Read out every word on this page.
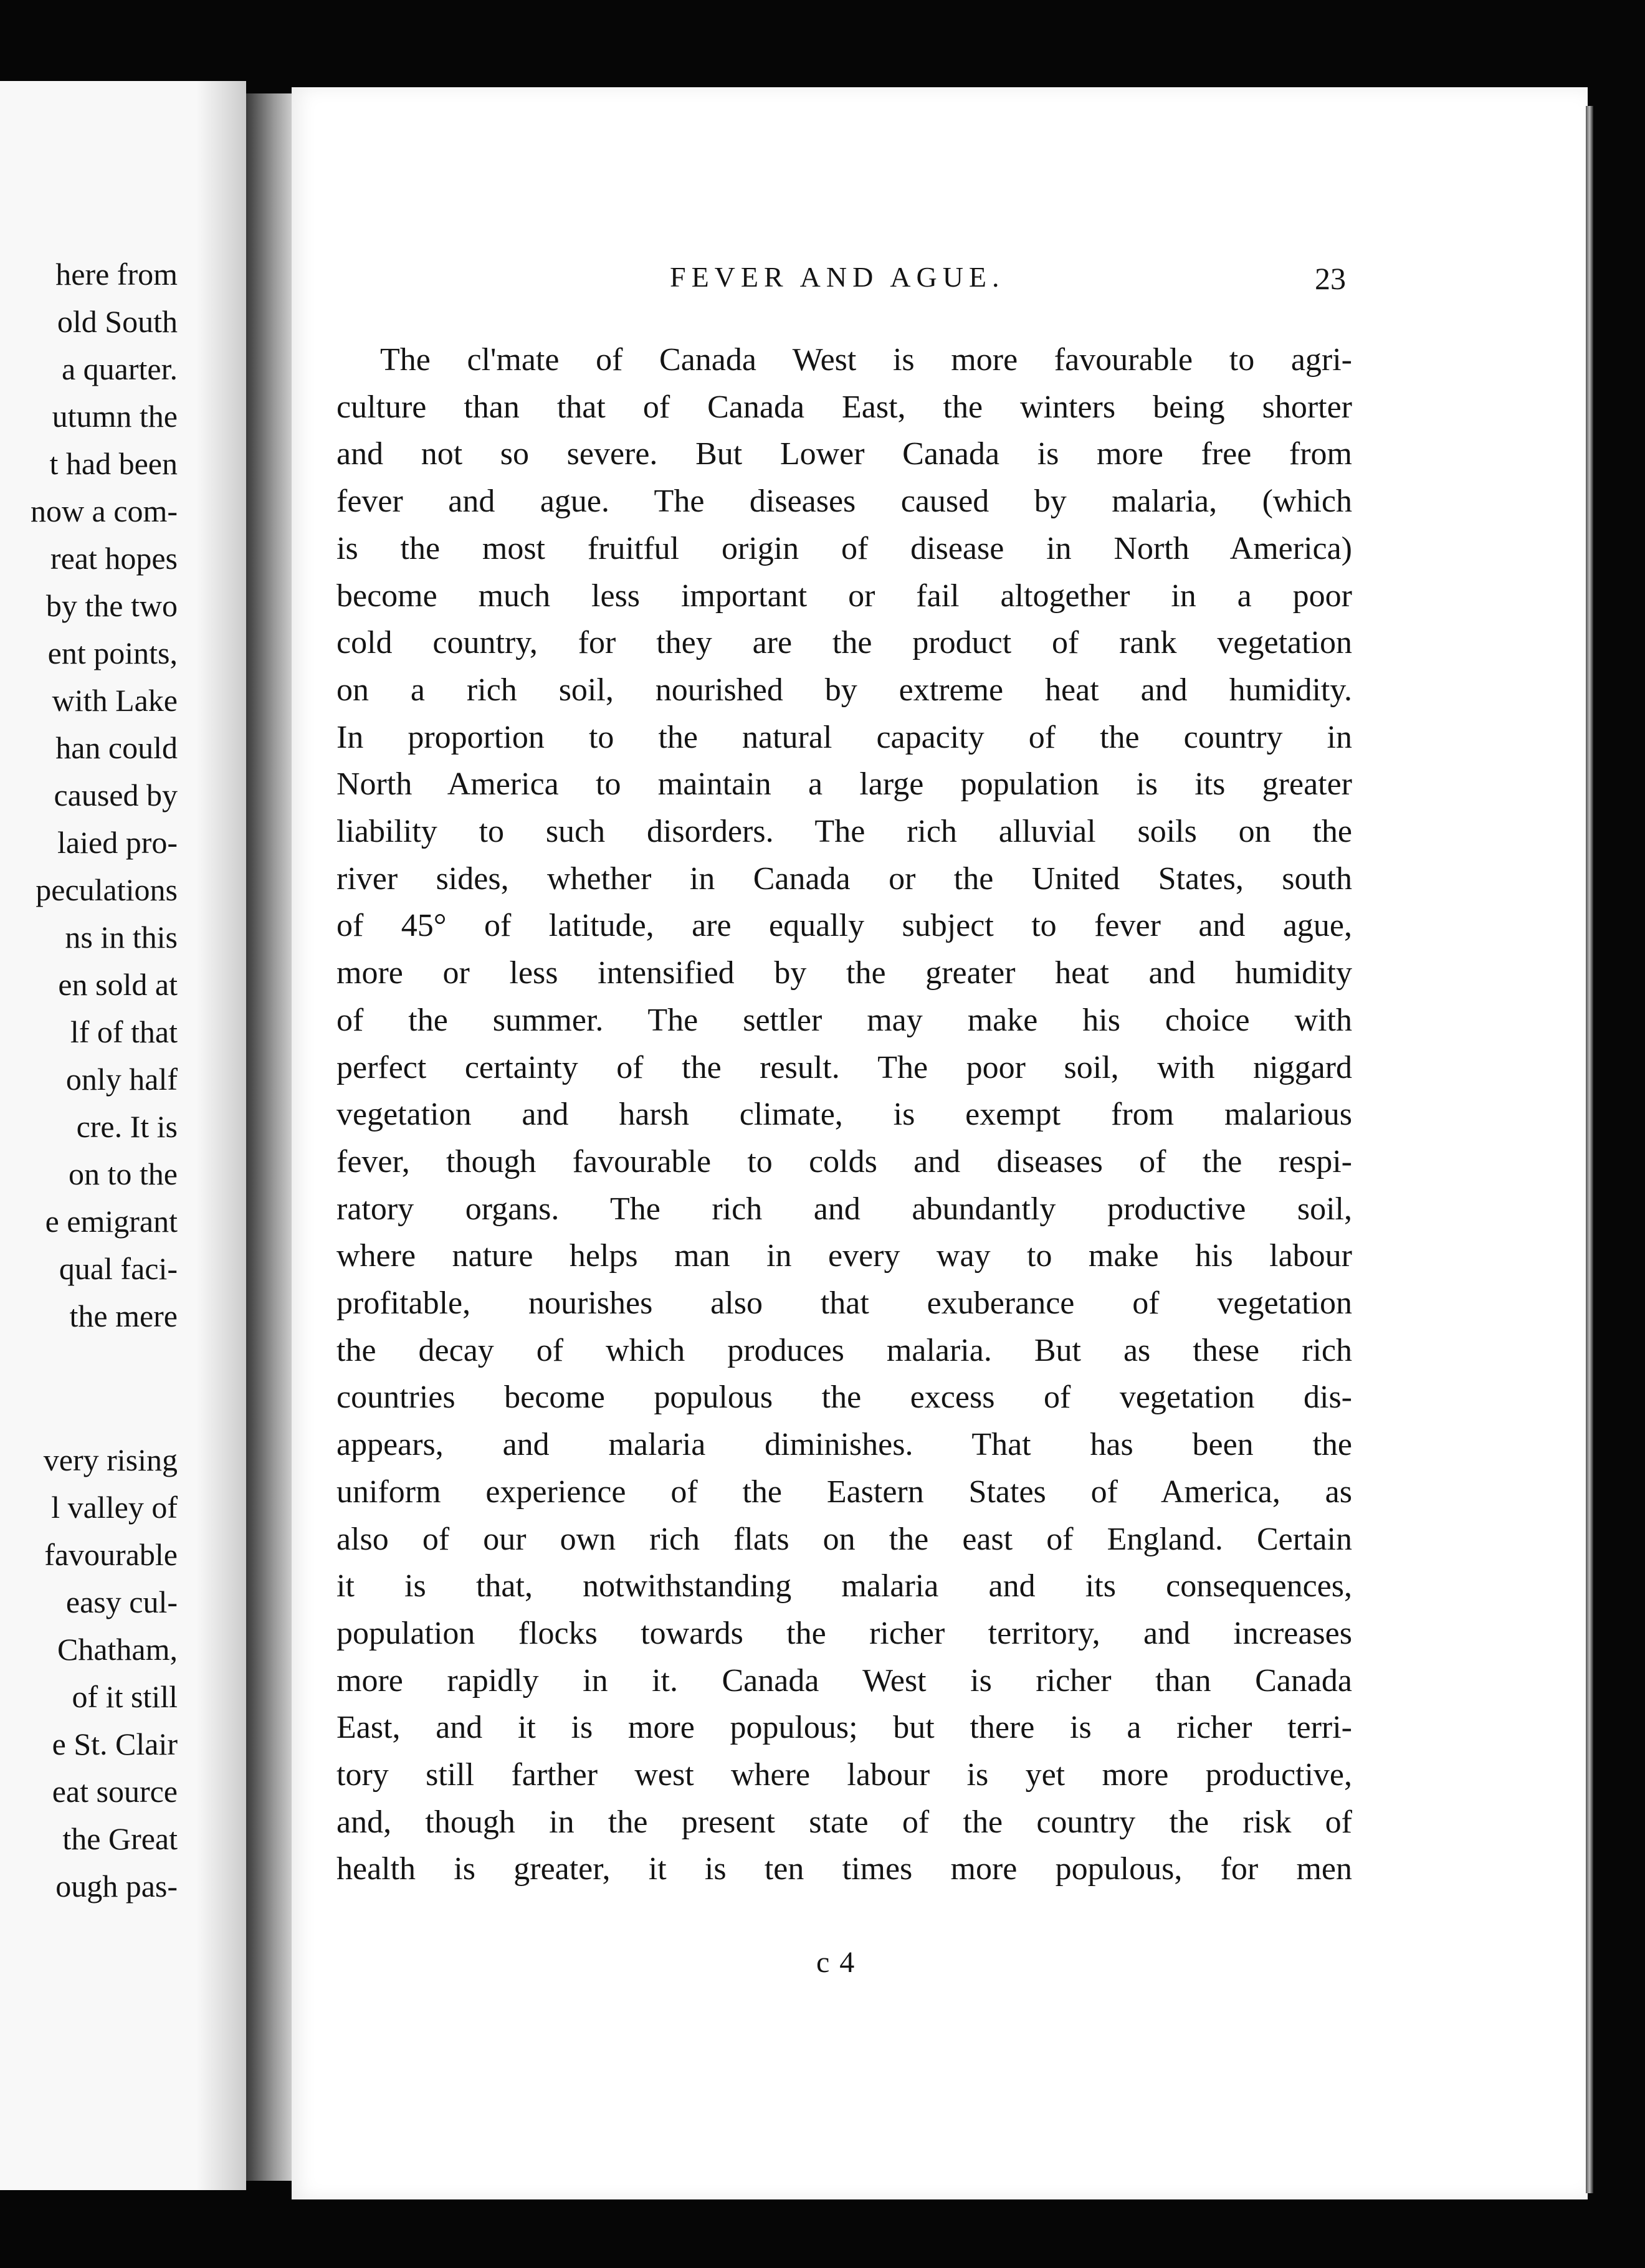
here from
old South
a quarter.
utumn the
t had been
now a com-
reat hopes
by the two
ent points,
with Lake
han could
caused by
laied pro-
peculations
ns in this
en sold at
lf of that
only half
cre. It is
on to the
e emigrant
qual faci-
the mere
very rising
l valley of
favourable
easy cul-
Chatham,
of it still
e St. Clair
eat source
the Great
ough pas-
FEVER AND AGUE.	23
The cl'mate of Canada West is more favourable to agri-
culture than that of Canada East, the winters being shorter
and not so severe. But Lower Canada is more free from
fever and ague. The diseases caused by malaria, (which
is the most fruitful origin of disease in North America)
become much less important or fail altogether in a poor
cold country, for they are the product of rank vegetation
on a rich soil, nourished by extreme heat and humidity.
In proportion to the natural capacity of the country in
North America to maintain a large population is its greater
liability to such disorders. The rich alluvial soils on the
river sides, whether in Canada or the United States, south
of 45° of latitude, are equally subject to fever and ague,
more or less intensified by the greater heat and humidity
of the summer. The settler may make his choice with
perfect certainty of the result. The poor soil, with niggard
vegetation and harsh climate, is exempt from malarious
fever, though favourable to colds and diseases of the respi-
ratory organs. The rich and abundantly productive soil,
where nature helps man in every way to make his labour
profitable, nourishes also that exuberance of vegetation
the decay of which produces malaria. But as these rich
countries become populous the excess of vegetation dis-
appears, and malaria diminishes. That has been the
uniform experience of the Eastern States of America, as
also of our own rich flats on the east of England. Certain
it is that, notwithstanding malaria and its consequences,
population flocks towards the richer territory, and increases
more rapidly in it. Canada West is richer than Canada
East, and it is more populous; but there is a richer terri-
tory still farther west where labour is yet more productive,
and, though in the present state of the country the risk of
health is greater, it is ten times more populous, for men
c 4
